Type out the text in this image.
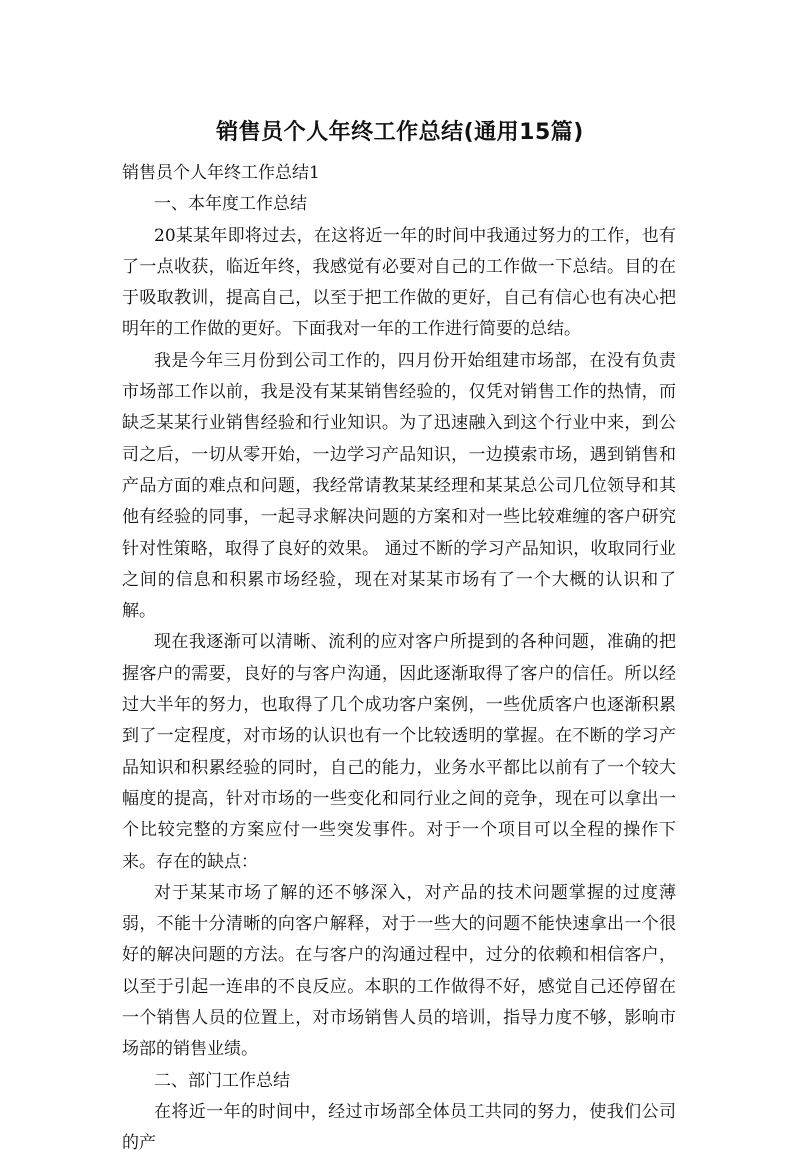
销售员个人年终工作总结(通用15篇)

销售员个人年终工作总结1

一、本年度工作总结

20某某年即将过去，在这将近一年的时间中我通过努力的工作，也有了一点收获，临近年终，我感觉有必要对自己的工作做一下总结。目的在于吸取教训，提高自己，以至于把工作做的更好，自己有信心也有决心把明年的工作做的更好。下面我对一年的工作进行简要的总结。

我是今年三月份到公司工作的，四月份开始组建市场部，在没有负责市场部工作以前，我是没有某某销售经验的，仅凭对销售工作的热情，而缺乏某某行业销售经验和行业知识。为了迅速融入到这个行业中来，到公司之后，一切从零开始，一边学习产品知识，一边摸索市场，遇到销售和产品方面的难点和问题，我经常请教某某经理和某某总公司几位领导和其他有经验的同事，一起寻求解决问题的方案和对一些比较难缠的客户研究针对性策略，取得了良好的效果。 通过不断的学习产品知识，收取同行业之间的信息和积累市场经验，现在对某某市场有了一个大概的认识和了解。

现在我逐渐可以清晰、流利的应对客户所提到的各种问题，准确的把握客户的需要，良好的与客户沟通，因此逐渐取得了客户的信任。所以经过大半年的努力，也取得了几个成功客户案例，一些优质客户也逐渐积累到了一定程度，对市场的认识也有一个比较透明的掌握。在不断的学习产品知识和积累经验的同时，自己的能力，业务水平都比以前有了一个较大幅度的提高，针对市场的一些变化和同行业之间的竞争，现在可以拿出一个比较完整的方案应付一些突发事件。对于一个项目可以全程的操作下来。存在的缺点：

对于某某市场了解的还不够深入，对产品的技术问题掌握的过度薄弱，不能十分清晰的向客户解释，对于一些大的问题不能快速拿出一个很好的解决问题的方法。在与客户的沟通过程中，过分的依赖和相信客户，以至于引起一连串的不良反应。本职的工作做得不好，感觉自己还停留在一个销售人员的位置上，对市场销售人员的培训，指导力度不够，影响市场部的销售业绩。

二、部门工作总结

在将近一年的时间中，经过市场部全体员工共同的努力，使我们公司的产
